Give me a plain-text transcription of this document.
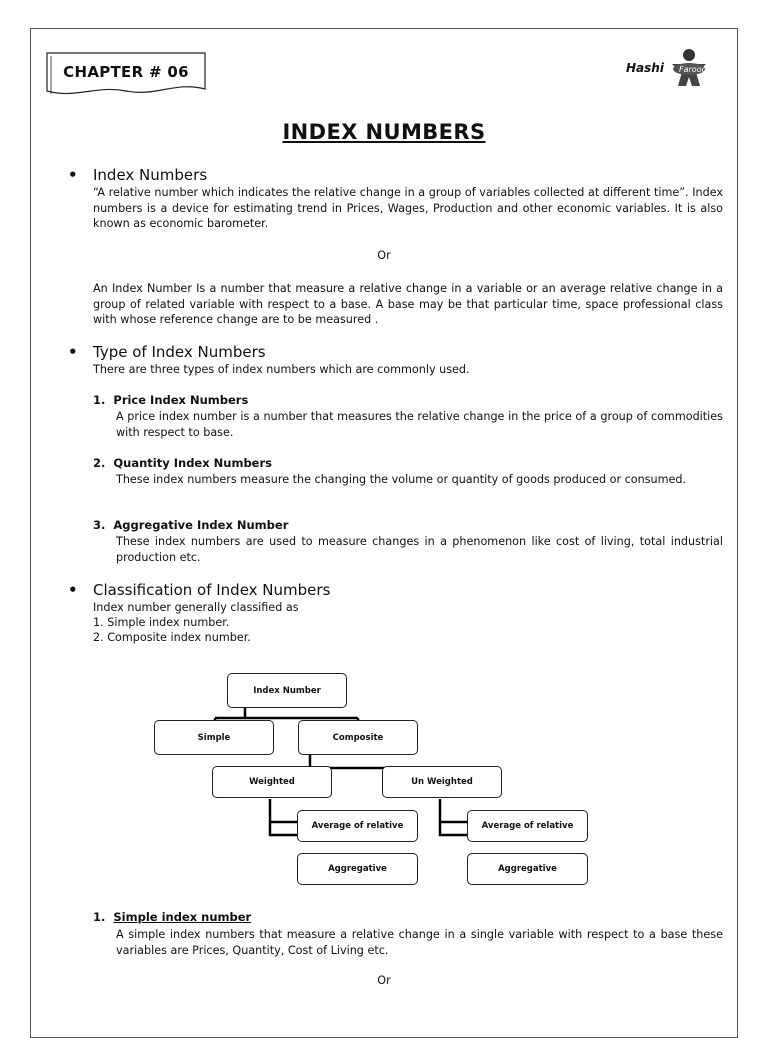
CHAPTER # 06	Hashi Farooqi
INDEX NUMBERS
• Index Numbers
“A relative number which indicates the relative change in a group of variables collected at different time”. Index numbers is a device for estimating trend in Prices, Wages, Production and other economic variables. It is also known as economic barometer.
Or
An Index Number Is a number that measure a relative change in a variable or an average relative change in a group of related variable with respect to a base. A base may be that particular time, space professional class with whose reference change are to be measured .
• Type of Index Numbers
There are three types of index numbers which are commonly used.
1. Price Index Numbers
A price index number is a number that measures the relative change in the price of a group of commodities with respect to base.
2. Quantity Index Numbers
These index numbers measure the changing the volume or quantity of goods produced or consumed.
3. Aggregative Index Number
These index numbers are used to measure changes in a phenomenon like cost of living, total industrial production etc.
• Classification of Index Numbers
Index number generally classified as
1. Simple index number.
2. Composite index number.
Index Number
Simple	Composite
Weighted	Un Weighted
Average of relative
Aggregative
Average of relative
Aggregative
1. Simple index number
A simple index numbers that measure a relative change in a single variable with respect to a base these variables are Prices, Quantity, Cost of Living etc.
Or
